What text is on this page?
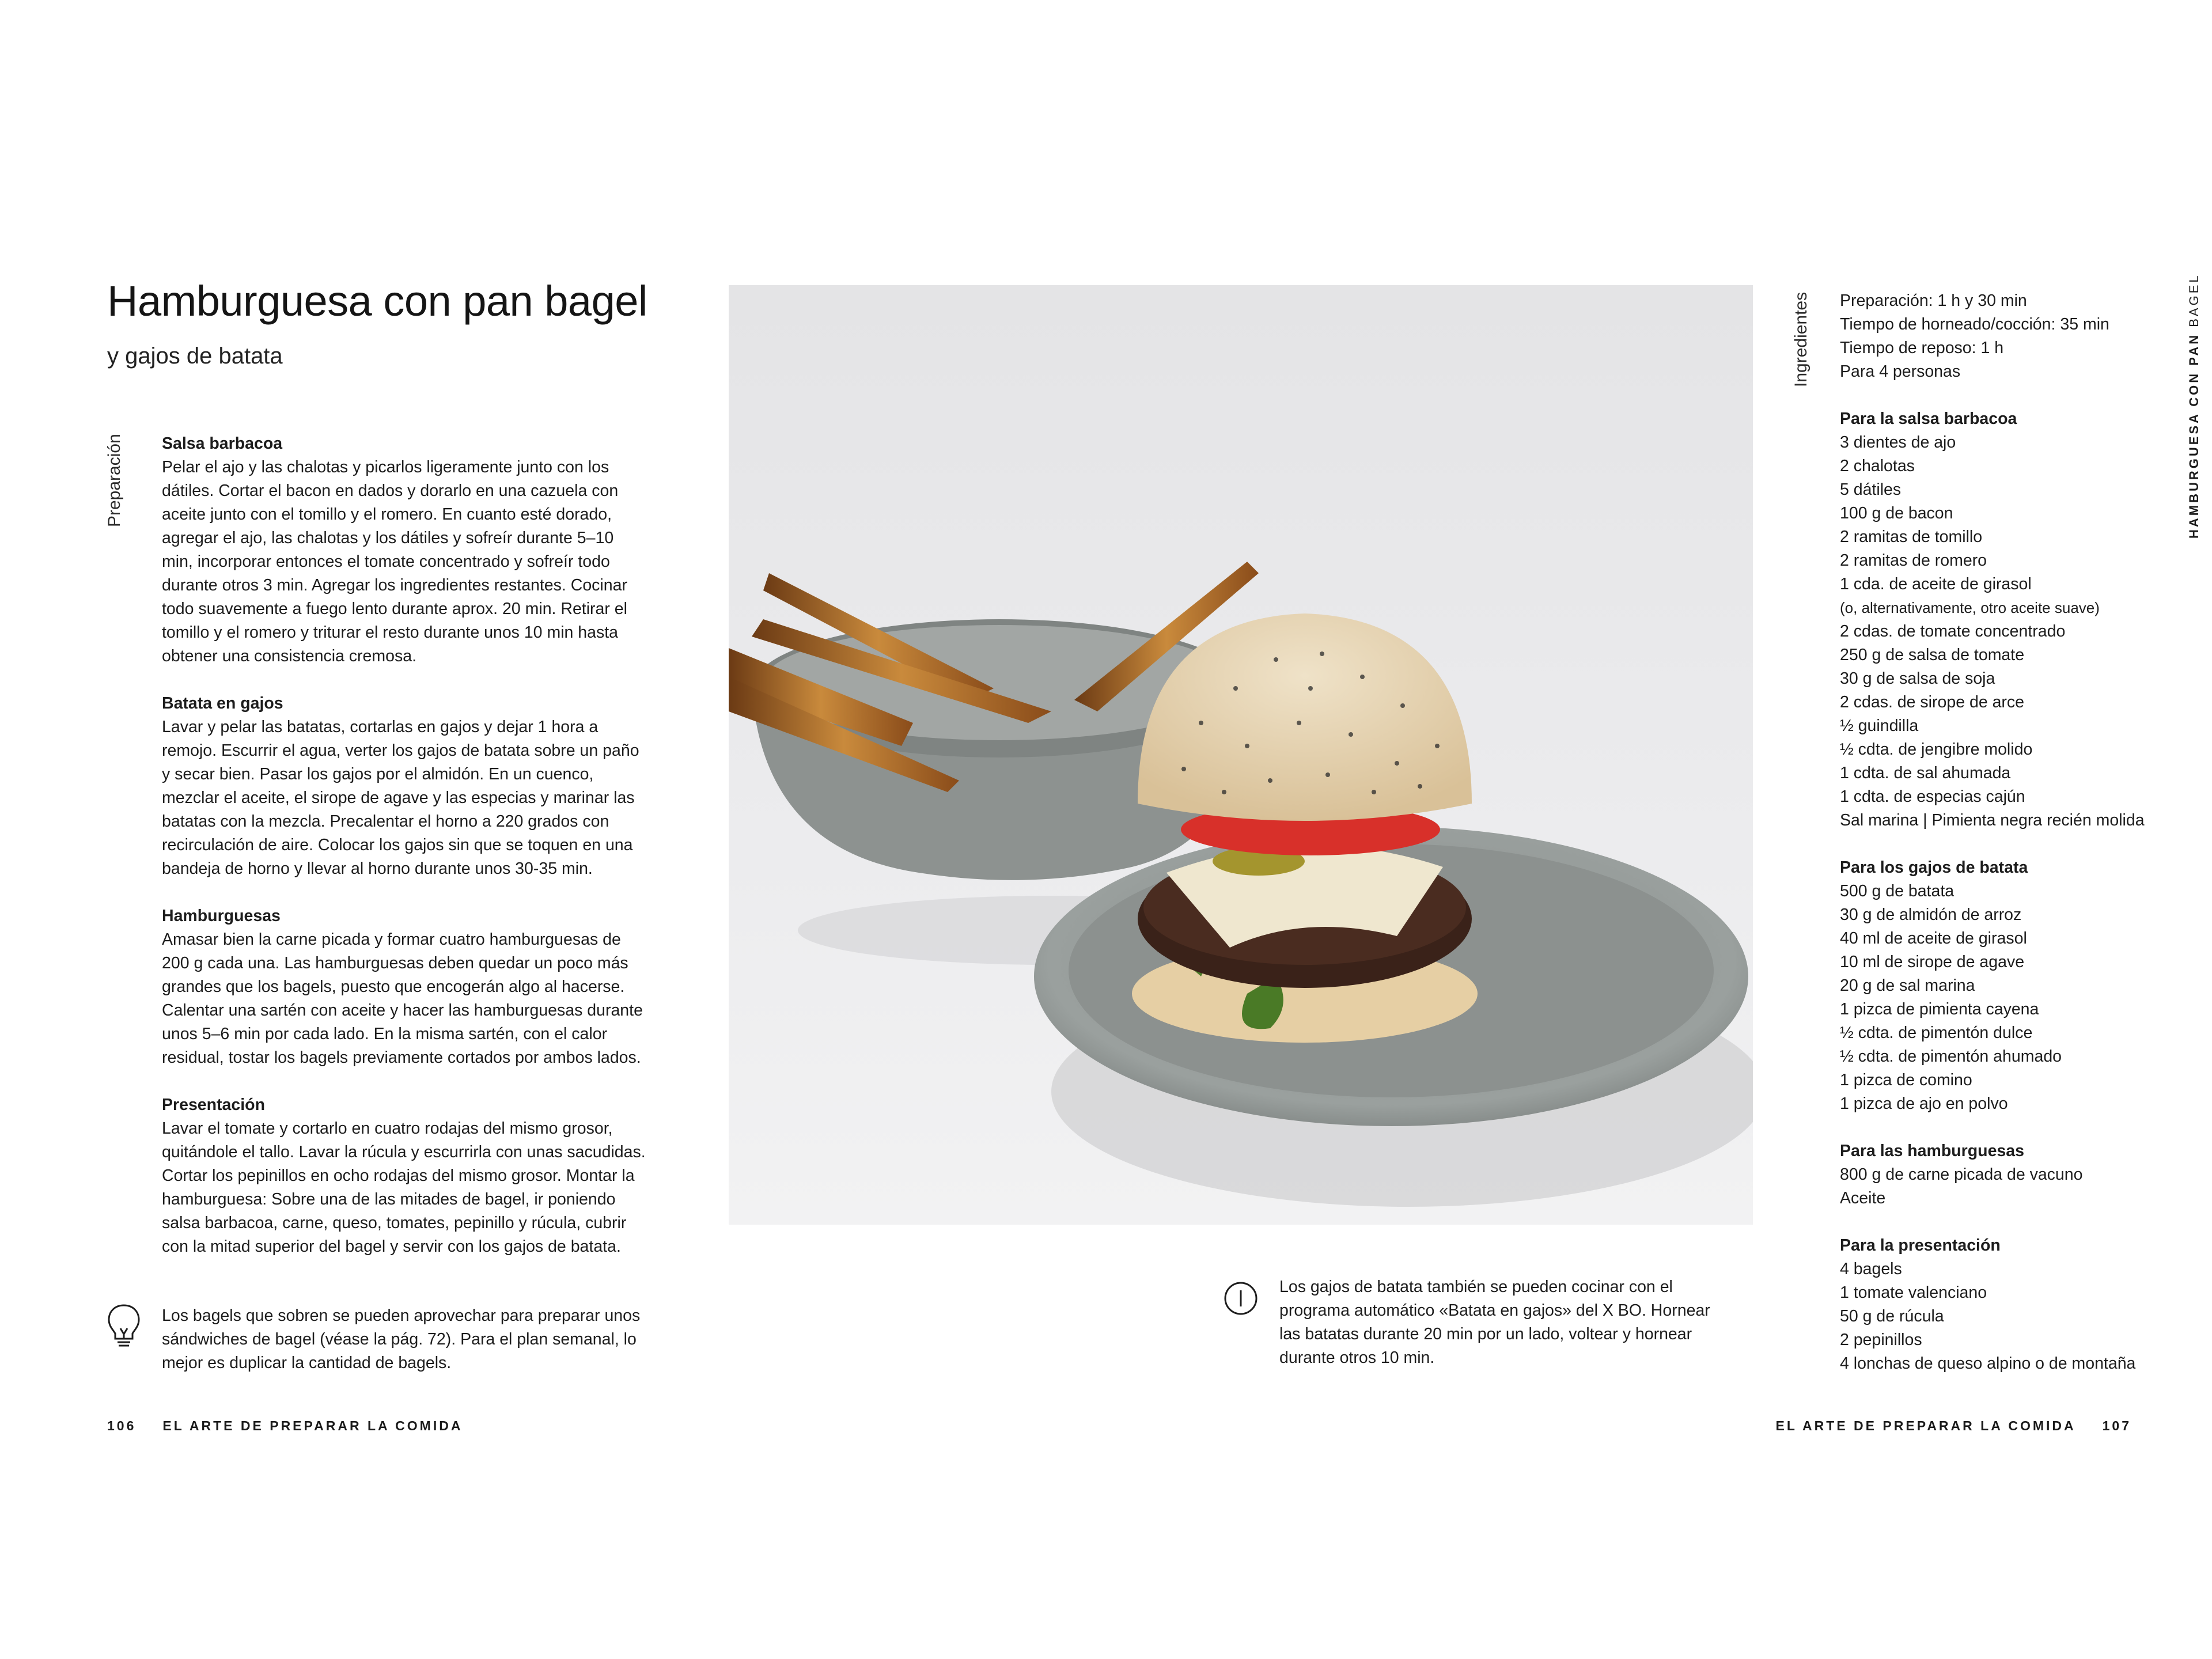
Hamburguesa con pan bagel
y gajos de batata
Preparación Salsa barbacoa

Pelar el ajo y las chalotas y picarlos ligeramente junto con los dátiles. Cortar el bacon en dados y dorarlo en una cazuela con aceite junto con el tomillo y el romero. En cuanto esté dorado, agregar el ajo, las chalotas y los dátiles y sofreír durante 5–10 min, incorporar entonces el tomate concentrado y sofreír todo durante otros 3 min. Agregar los ingredientes restantes. Cocinar todo suavemente a fuego lento durante aprox. 20 min. Retirar el tomillo y el romero y triturar el resto durante unos 10 min hasta obtener una consistencia cremosa.

Batata en gajos

Lavar y pelar las batatas, cortarlas en gajos y dejar 1 hora a remojo. Escurrir el agua, verter los gajos de batata sobre un paño y secar bien. Pasar los gajos por el almidón. En un cuenco, mezclar el aceite, el sirope de agave y las especias y marinar las batatas con la mezcla. Precalentar el horno a 220 grados con recirculación de aire. Colocar los gajos sin que se toquen en una bandeja de horno y llevar al horno durante unos 30-35 min.

Hamburguesas

Amasar bien la carne picada y formar cuatro hamburguesas de 200 g cada una. Las hamburguesas deben quedar un poco más grandes que los bagels, puesto que encogerán algo al hacerse. Calentar una sartén con aceite y hacer las hamburguesas durante unos 5–6 min por cada lado. En la misma sartén, con el calor residual, tostar los bagels previamente cortados por ambos lados.

Presentación

Lavar el tomate y cortarlo en cuatro rodajas del mismo grosor, quitándole el tallo. Lavar la rúcula y escurrirla con unas sacudidas. Cortar los pepinillos en ocho rodajas del mismo grosor. Montar la hamburguesa: Sobre una de las mitades de bagel, ir poniendo salsa barbacoa, carne, queso, tomates, pepinillo y rúcula, cubrir con la mitad superior del bagel y servir con los gajos de batata.

Los bagels que sobren se pueden aprovechar para preparar unos sándwiches de bagel (véase la pág. 72). Para el plan semanal, lo mejor es duplicar la cantidad de bagels.

106 EL ARTE DE PREPARAR LA COMIDA

Los gajos de batata también se pueden cocinar con el programa automático «Batata en gajos» del X BO. Hornear las batatas durante 20 min por un lado, voltear y hornear durante otros 10 min.

Ingredientes Preparación: 1 h y 30 min
Tiempo de horneado/cocción: 35 min
Tiempo de reposo: 1 h
Para 4 personas
Para la salsa barbacoa
3 dientes de ajo
2 chalotas
5 dátiles
100 g de bacon
2 ramitas de tomillo
2 ramitas de romero
1 cda. de aceite de girasol
(o, alternativamente, otro aceite suave)
2 cdas. de tomate concentrado
250 g de salsa de tomate
30 g de salsa de soja
2 cdas. de sirope de arce
½ guindilla
½ cdta. de jengibre molido
1 cdta. de sal ahumada
1 cdta. de especias cajún
Sal marina | Pimienta negra recién molida
Para los gajos de batata
500 g de batata
30 g de almidón de arroz
40 ml de aceite de girasol
10 ml de sirope de agave
20 g de sal marina
1 pizca de pimienta cayena
½ cdta. de pimentón dulce
½ cdta. de pimentón ahumado
1 pizca de comino
1 pizca de ajo en polvo
Para las hamburguesas
800 g de carne picada de vacuno
Aceite
Para la presentación
4 bagels
1 tomate valenciano
50 g de rúcula
2 pepinillos
4 lonchas de queso alpino o de montaña
HAMBURGUESA CON PAN BAGEL
EL ARTE DE PREPARAR LA COMIDA 107
